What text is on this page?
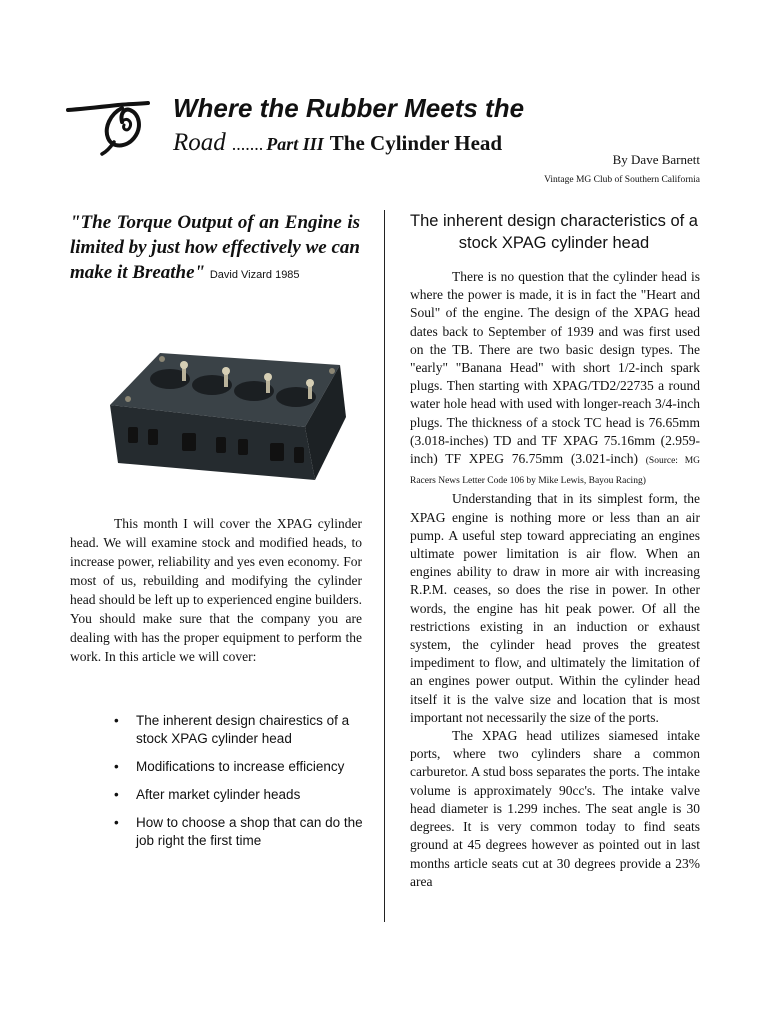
Where the Rubber Meets the
Road ....... Part III The Cylinder Head
By Dave Barnett
Vintage MG Club of Southern California
"The Torque Output of an Engine is limited by just how effectively we can make it Breathe" David Vizard 1985

This month I will cover the XPAG cylinder head. We will examine stock and modified heads, to increase power, reliability and yes even economy. For most of us, rebuilding and modifying the cylinder head should be left up to experienced engine builders. You should make sure that the company you are dealing with has the proper equipment to perform the work. In this article we will cover:

• The inherent design chairestics of a stock XPAG cylinder head
• Modifications to increase efficiency
• After market cylinder heads
• How to choose a shop that can do the job right the first time
The inherent design characteristics of a stock XPAG cylinder head

There is no question that the cylinder head is where the power is made, it is in fact the "Heart and Soul" of the engine. The design of the XPAG head dates back to September of 1939 and was first used on the TB. There are two basic design types. The "early" "Banana Head" with short 1/2-inch spark plugs. Then starting with XPAG/TD2/22735 a round water hole head with used with longer-reach 3/4-inch plugs. The thickness of a stock TC head is 76.65mm (3.018-inches) TD and TF XPAG 75.16mm (2.959-inch) TF XPEG 76.75mm (3.021-inch) (Source: MG Racers News Letter Code 106 by Mike Lewis, Bayou Racing)

Understanding that in its simplest form, the XPAG engine is nothing more or less than an air pump. A useful step toward appreciating an engines ultimate power limitation is air flow. When an engines ability to draw in more air with increasing R.P.M. ceases, so does the rise in power. In other words, the engine has hit peak power. Of all the restrictions existing in an induction or exhaust system, the cylinder head proves the greatest impediment to flow, and ultimately the limitation of an engines power output. Within the cylinder head itself it is the valve size and location that is most important not necessarily the size of the ports.

The XPAG head utilizes siamesed intake ports, where two cylinders share a common carburetor. A stud boss separates the ports. The intake volume is approximately 90cc's. The intake valve head diameter is 1.299 inches. The seat angle is 30 degrees. It is very common today to find seats ground at 45 degrees however as pointed out in last months article seats cut at 30 degrees provide a 23% area
